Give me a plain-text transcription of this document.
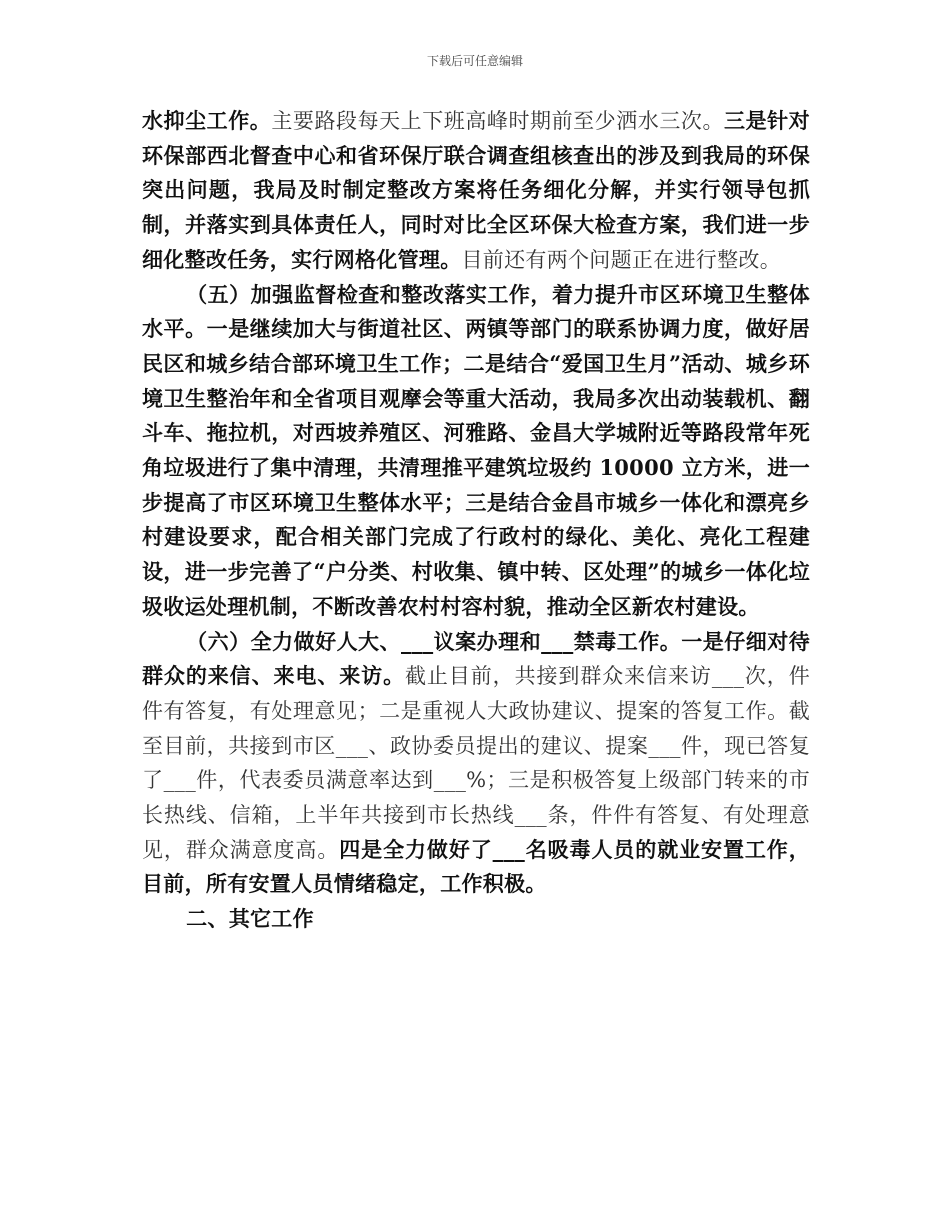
下载后可任意编辑

水抑尘工作。主要路段每天上下班高峰时期前至少洒水三次。三是针对环保部西北督查中心和省环保厅联合调查组核查出的涉及到我局的环保突出问题，我局及时制定整改方案将任务细化分解，并实行领导包抓制，并落实到具体责任人，同时对比全区环保大检查方案，我们进一步细化整改任务，实行网格化管理。目前还有两个问题正在进行整改。

（五）加强监督检查和整改落实工作，着力提升市区环境卫生整体水平。一是继续加大与街道社区、两镇等部门的联系协调力度，做好居民区和城乡结合部环境卫生工作；二是结合“爱国卫生月”活动、城乡环境卫生整治年和全省项目观摩会等重大活动，我局多次出动装载机、翻斗车、拖拉机，对西坡养殖区、河雅路、金昌大学城附近等路段常年死角垃圾进行了集中清理，共清理推平建筑垃圾约 10000 立方米，进一步提高了市区环境卫生整体水平；三是结合金昌市城乡一体化和漂亮乡村建设要求，配合相关部门完成了行政村的绿化、美化、亮化工程建设，进一步完善了“户分类、村收集、镇中转、区处理”的城乡一体化垃圾收运处理机制，不断改善农村村容村貌，推动全区新农村建设。

（六）全力做好人大、___议案办理和___禁毒工作。一是仔细对待群众的来信、来电、来访。截止目前，共接到群众来信来访___次，件件有答复，有处理意见；二是重视人大政协建议、提案的答复工作。截至目前，共接到市区___、政协委员提出的建议、提案___件，现已答复了___件，代表委员满意率达到___%；三是积极答复上级部门转来的市长热线、信箱，上半年共接到市长热线___条，件件有答复、有处理意见，群众满意度高。四是全力做好了___名吸毒人员的就业安置工作，目前，所有安置人员情绪稳定，工作积极。

二、其它工作
